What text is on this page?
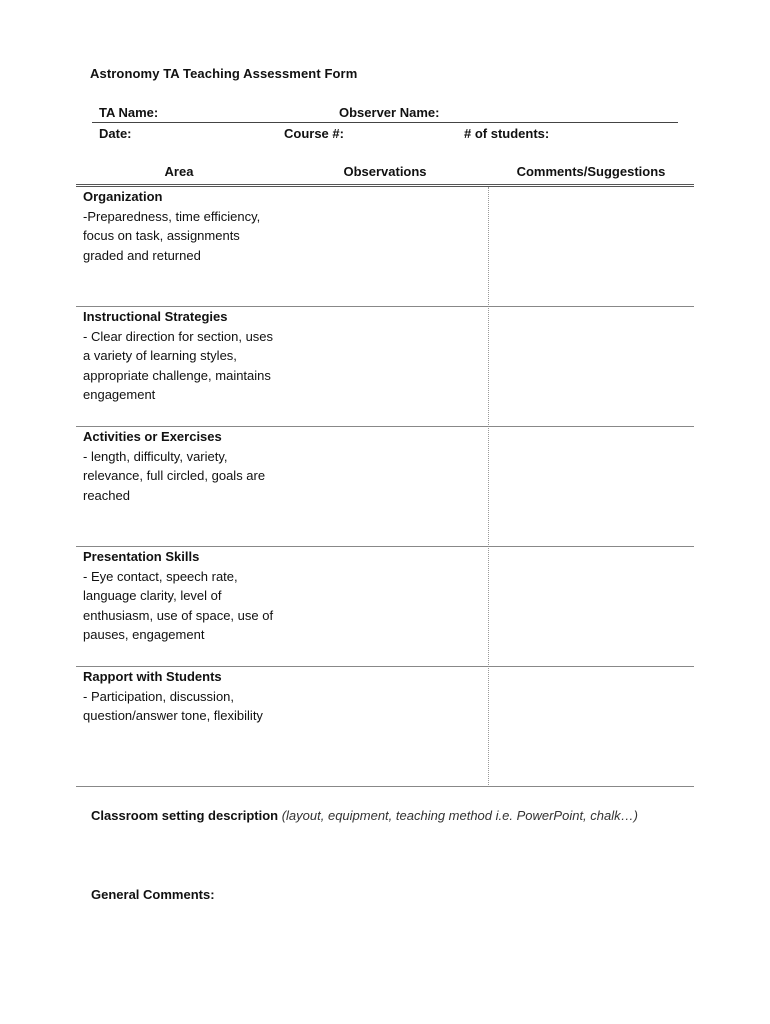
Astronomy TA Teaching Assessment Form
TA Name:	Observer Name:
Date:	Course #:	# of students:
Area	Observations	Comments/Suggestions
Organization
-Preparedness, time efficiency, focus on task, assignments graded and returned
Instructional Strategies
- Clear direction for section, uses a variety of learning styles, appropriate challenge, maintains engagement
Activities or Exercises
- length, difficulty, variety, relevance, full circled, goals are reached
Presentation Skills
- Eye contact, speech rate, language clarity, level of enthusiasm, use of space, use of pauses, engagement
Rapport with Students
- Participation, discussion, question/answer tone, flexibility
Classroom setting description (layout, equipment, teaching method i.e. PowerPoint, chalk…)
General Comments:
